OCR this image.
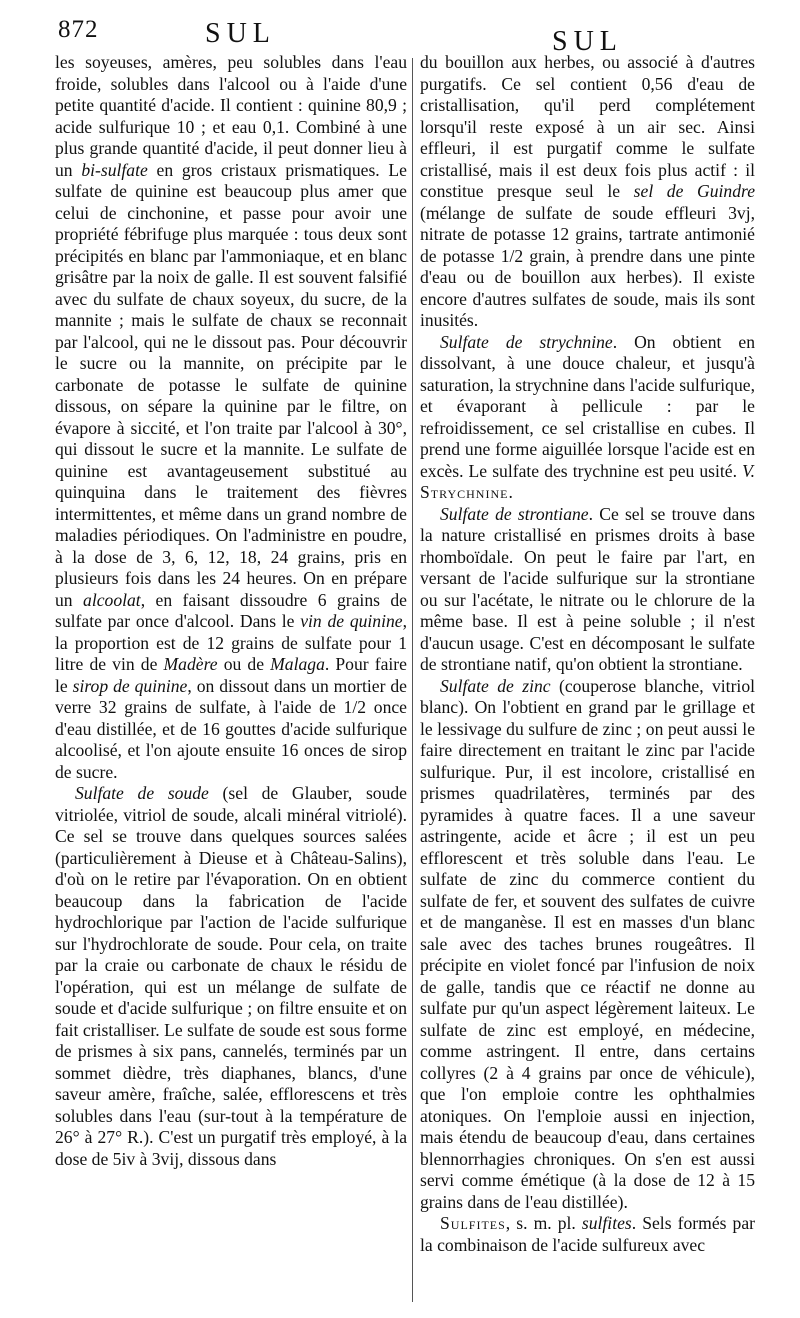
872	SUL	SUL

les soyeuses, amères, peu solubles dans l'eau froide, solubles dans l'alcool ou à l'aide d'une petite quantité d'acide. Il contient : quinine 80,9 ; acide sulfurique 10 ; et eau 0,1. Combiné à une plus grande quantité d'acide, il peut donner lieu à un bi-sulfate en gros cristaux prismatiques. Le sulfate de quinine est beaucoup plus amer que celui de cinchonine, et passe pour avoir une propriété fébrifuge plus marquée : tous deux sont précipités en blanc par l'ammoniaque, et en blanc grisâtre par la noix de galle. Il est souvent falsifié avec du sulfate de chaux soyeux, du sucre, de la mannite ; mais le sulfate de chaux se reconnait par l'alcool, qui ne le dissout pas. Pour découvrir le sucre ou la mannite, on précipite par le carbonate de potasse le sulfate de quinine dissous, on sépare la quinine par le filtre, on évapore à siccité, et l'on traite par l'alcool à 30°, qui dissout le sucre et la mannite. Le sulfate de quinine est avantageusement substitué au quinquina dans le traitement des fièvres intermittentes, et même dans un grand nombre de maladies périodiques. On l'administre en poudre, à la dose de 3, 6, 12, 18, 24 grains, pris en plusieurs fois dans les 24 heures. On en prépare un alcoolat, en faisant dissoudre 6 grains de sulfate par once d'alcool. Dans le vin de quinine, la proportion est de 12 grains de sulfate pour 1 litre de vin de Madère ou de Malaga. Pour faire le sirop de quinine, on dissout dans un mortier de verre 32 grains de sulfate, à l'aide de 1/2 once d'eau distillée, et de 16 gouttes d'acide sulfurique alcoolisé, et l'on ajoute ensuite 16 onces de sirop de sucre.

Sulfate de soude (sel de Glauber, soude vitriolée, vitriol de soude, alcali minéral vitriolé). Ce sel se trouve dans quelques sources salées (particulièrement à Dieuse et à Château-Salins), d'où on le retire par l'évaporation. On en obtient beaucoup dans la fabrication de l'acide hydrochlorique par l'action de l'acide sulfurique sur l'hydrochlorate de soude. Pour cela, on traite par la craie ou carbonate de chaux le résidu de l'opération, qui est un mélange de sulfate de soude et d'acide sulfurique ; on filtre ensuite et on fait cristalliser. Le sulfate de soude est sous forme de prismes à six pans, cannelés, terminés par un sommet dièdre, très diaphanes, blancs, d'une saveur amère, fraîche, salée, efflorescens et très solubles dans l'eau (sur-tout à la température de 26° à 27° R.). C'est un purgatif très employé, à la dose de 5iv à 3vij, dissous dans

du bouillon aux herbes, ou associé à d'autres purgatifs. Ce sel contient 0,56 d'eau de cristallisation, qu'il perd complétement lorsqu'il reste exposé à un air sec. Ainsi effleuri, il est purgatif comme le sulfate cristallisé, mais il est deux fois plus actif : il constitue presque seul le sel de Guindre (mélange de sulfate de soude effleuri 3vj, nitrate de potasse 12 grains, tartrate antimonié de potasse 1/2 grain, à prendre dans une pinte d'eau ou de bouillon aux herbes). Il existe encore d'autres sulfates de soude, mais ils sont inusités.

Sulfate de strychnine. On obtient en dissolvant, à une douce chaleur, et jusqu'à saturation, la strychnine dans l'acide sulfurique, et évaporant à pellicule : par le refroidissement, ce sel cristallise en cubes. Il prend une forme aiguillée lorsque l'acide est en excès. Le sulfate des trychnine est peu usité. V. Strychnine.

Sulfate de strontiane. Ce sel se trouve dans la nature cristallisé en prismes droits à base rhomboïdale. On peut le faire par l'art, en versant de l'acide sulfurique sur la strontiane ou sur l'acétate, le nitrate ou le chlorure de la même base. Il est à peine soluble ; il n'est d'aucun usage. C'est en décomposant le sulfate de strontiane natif, qu'on obtient la strontiane.

Sulfate de zinc (couperose blanche, vitriol blanc). On l'obtient en grand par le grillage et le lessivage du sulfure de zinc ; on peut aussi le faire directement en traitant le zinc par l'acide sulfurique. Pur, il est incolore, cristallisé en prismes quadrilatères, terminés par des pyramides à quatre faces. Il a une saveur astringente, acide et âcre ; il est un peu efflorescent et très soluble dans l'eau. Le sulfate de zinc du commerce contient du sulfate de fer, et souvent des sulfates de cuivre et de manganèse. Il est en masses d'un blanc sale avec des taches brunes rougeâtres. Il précipite en violet foncé par l'infusion de noix de galle, tandis que ce réactif ne donne au sulfate pur qu'un aspect légèrement laiteux. Le sulfate de zinc est employé, en médecine, comme astringent. Il entre, dans certains collyres (2 à 4 grains par once de véhicule), que l'on emploie contre les ophthalmies atoniques. On l'emploie aussi en injection, mais étendu de beaucoup d'eau, dans certaines blennorrhagies chroniques. On s'en est aussi servi comme émétique (à la dose de 12 à 15 grains dans de l'eau distillée).

Sulfites, s. m. pl. sulfites. Sels formés par la combinaison de l'acide sulfureux avec
